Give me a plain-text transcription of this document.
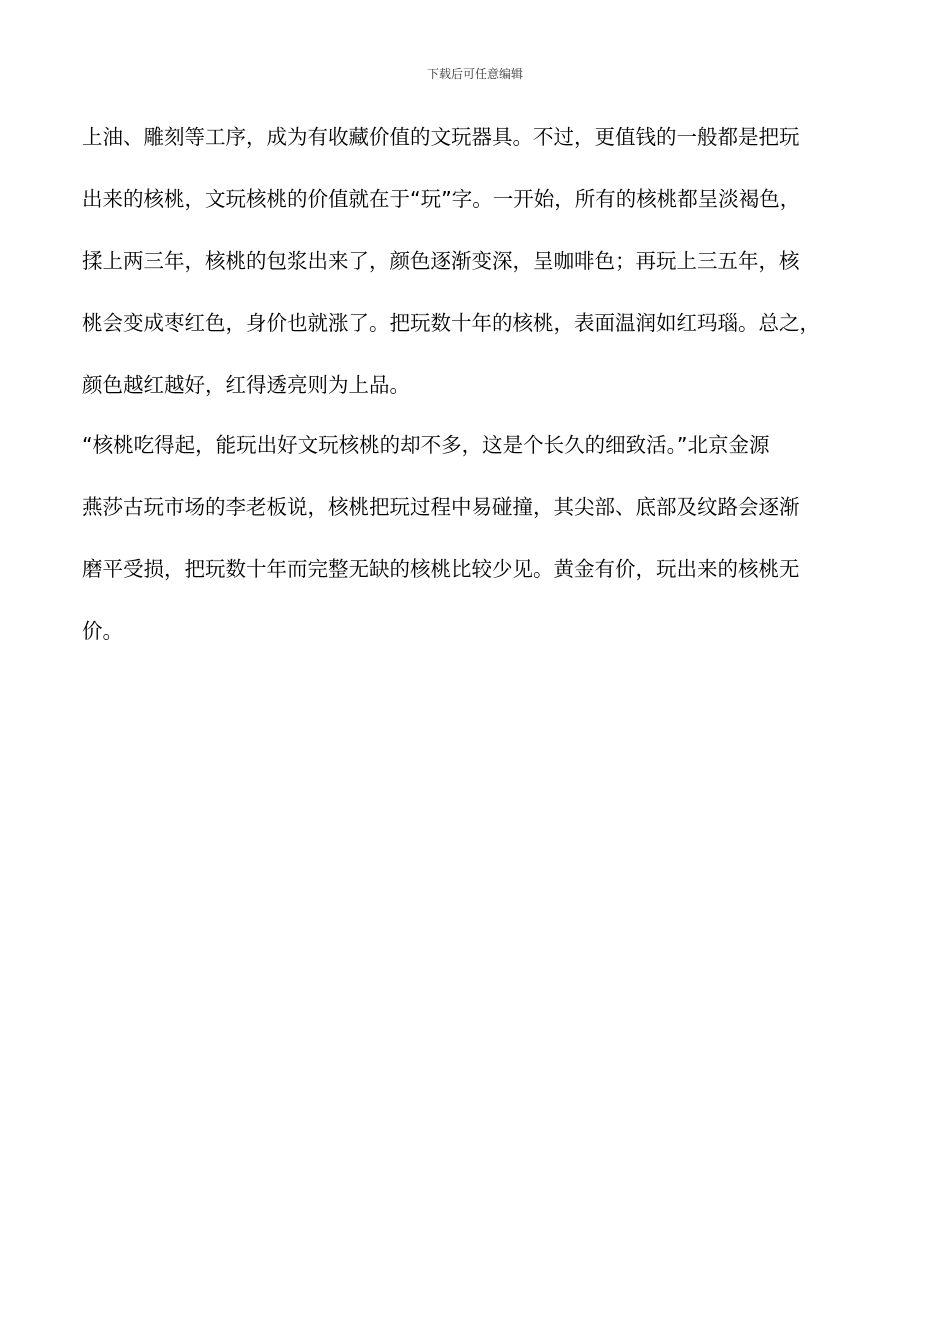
下载后可任意编辑
上油、雕刻等工序，成为有收藏价值的文玩器具。不过，更值钱的一般都是把玩
出来的核桃，文玩核桃的价值就在于“玩”字。一开始，所有的核桃都呈淡褐色，
揉上两三年，核桃的包浆出来了，颜色逐渐变深，呈咖啡色；再玩上三五年，核
桃会变成枣红色，身价也就涨了。把玩数十年的核桃，表面温润如红玛瑙。总之，
颜色越红越好，红得透亮则为上品。
“核桃吃得起，能玩出好文玩核桃的却不多，这是个长久的细致活。”北京金源
燕莎古玩市场的李老板说，核桃把玩过程中易碰撞，其尖部、底部及纹路会逐渐
磨平受损，把玩数十年而完整无缺的核桃比较少见。黄金有价，玩出来的核桃无
价。
